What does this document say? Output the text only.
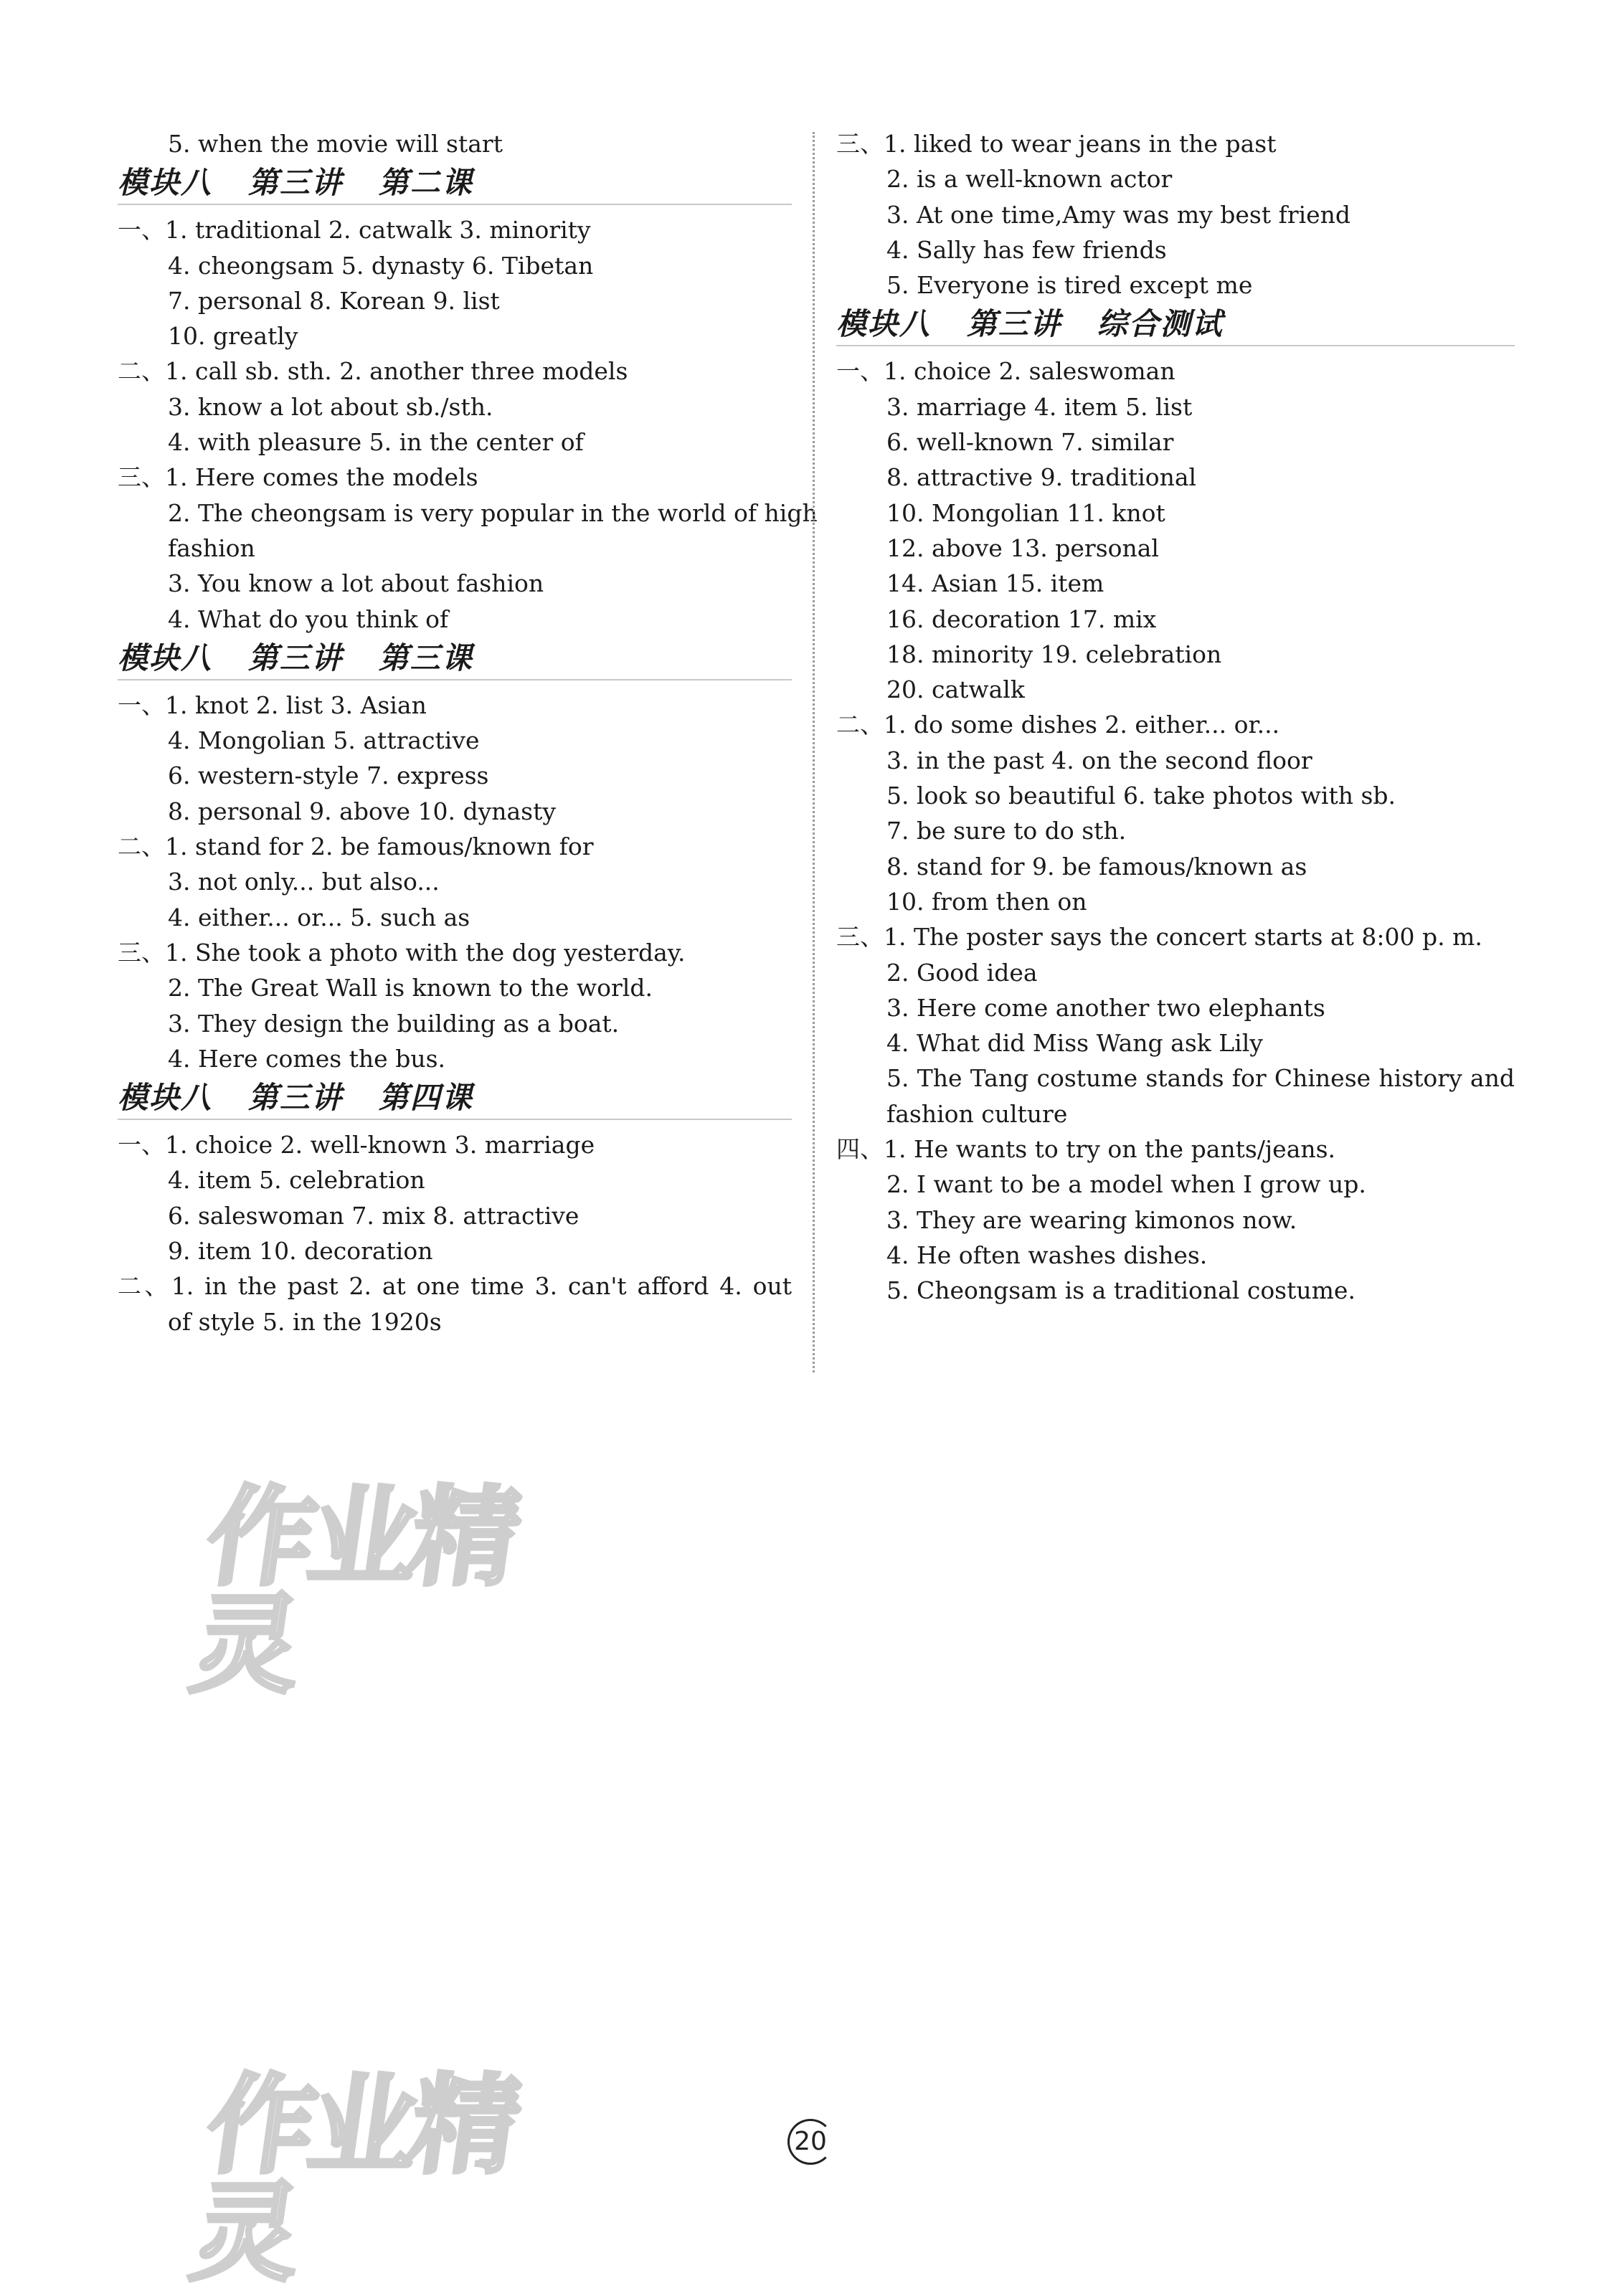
5. when the movie will start
模块八   第三讲   第二课
一、1. traditional 2. catwalk 3. minority
4. cheongsam 5. dynasty 6. Tibetan
7. personal 8. Korean 9. list
10. greatly
二、1. call sb. sth. 2. another three models
3. know a lot about sb./sth.
4. with pleasure 5. in the center of
三、1. Here comes the models
2. The cheongsam is very popular in the world of high
fashion
3. You know a lot about fashion
4. What do you think of
模块八   第三讲   第三课
一、1. knot 2. list 3. Asian
4. Mongolian 5. attractive
6. western-style 7. express
8. personal 9. above 10. dynasty
二、1. stand for 2. be famous/known for
3. not only... but also...
4. either... or... 5. such as
三、1. She took a photo with the dog yesterday.
2. The Great Wall is known to the world.
3. They design the building as a boat.
4. Here comes the bus.
模块八   第三讲   第四课
一、1. choice 2. well-known 3. marriage
4. item 5. celebration
6. saleswoman 7. mix 8. attractive
9. item 10. decoration
二、1. in the past 2. at one time 3. can't afford 4. out
of style 5. in the 1920s
三、1. liked to wear jeans in the past
2. is a well-known actor
3. At one time,Amy was my best friend
4. Sally has few friends
5. Everyone is tired except me
模块八   第三讲   综合测试
一、1. choice 2. saleswoman
3. marriage 4. item 5. list
6. well-known 7. similar
8. attractive 9. traditional
10. Mongolian 11. knot
12. above 13. personal
14. Asian 15. item
16. decoration 17. mix
18. minority 19. celebration
20. catwalk
二、1. do some dishes 2. either... or...
3. in the past 4. on the second floor
5. look so beautiful 6. take photos with sb.
7. be sure to do sth.
8. stand for 9. be famous/known as
10. from then on
三、1. The poster says the concert starts at 8:00 p. m.
2. Good idea
3. Here come another two elephants
4. What did Miss Wang ask Lily
5. The Tang costume stands for Chinese history and
fashion culture
四、1. He wants to try on the pants/jeans.
2. I want to be a model when I grow up.
3. They are wearing kimonos now.
4. He often washes dishes.
5. Cheongsam is a traditional costume.
作业精灵
作业精灵
20
